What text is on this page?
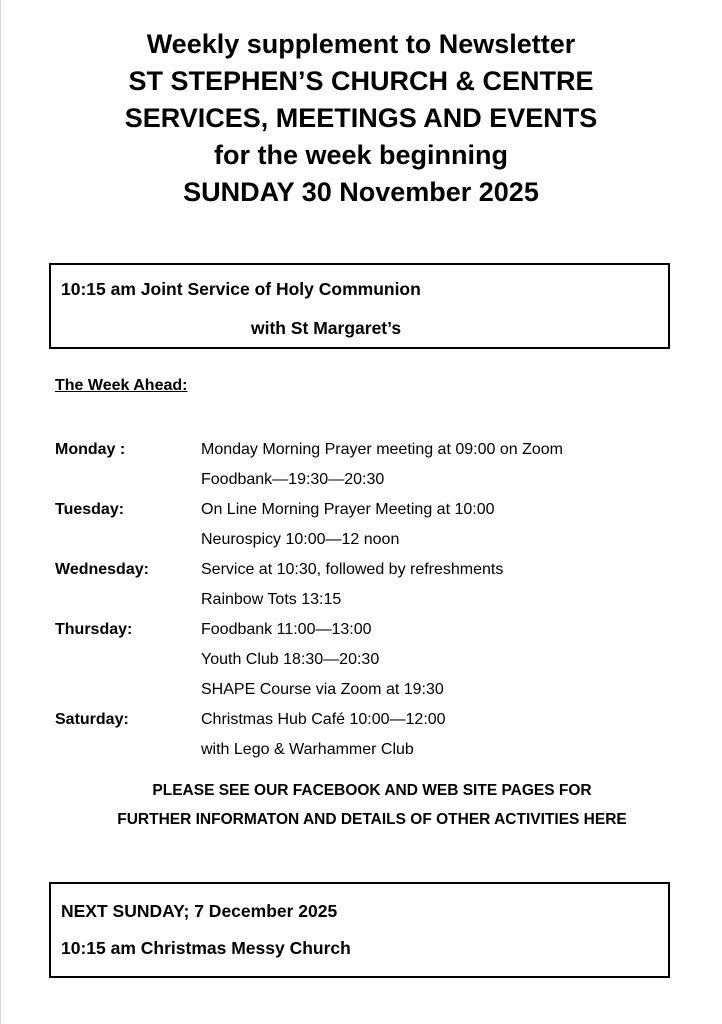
Weekly supplement to Newsletter
ST STEPHEN’S CHURCH & CENTRE
SERVICES, MEETINGS AND EVENTS
for the week beginning
SUNDAY 30 November 2025
10:15 am Joint Service of Holy Communion
with St Margaret’s
The Week Ahead:
Monday :	Monday Morning Prayer meeting at 09:00 on Zoom
Foodbank—19:30—20:30
Tuesday:	On Line Morning Prayer Meeting at 10:00
Neurospicy 10:00—12 noon
Wednesday:	Service at 10:30, followed by refreshments
Rainbow Tots 13:15
Thursday:	Foodbank 11:00—13:00
Youth Club 18:30—20:30
SHAPE Course via Zoom at 19:30
Saturday:	Christmas Hub Café 10:00—12:00
with Lego & Warhammer Club
PLEASE SEE OUR FACEBOOK AND WEB SITE PAGES FOR
FURTHER INFORMATON AND DETAILS OF OTHER ACTIVITIES HERE
NEXT SUNDAY; 7 December 2025
10:15 am Christmas Messy Church
